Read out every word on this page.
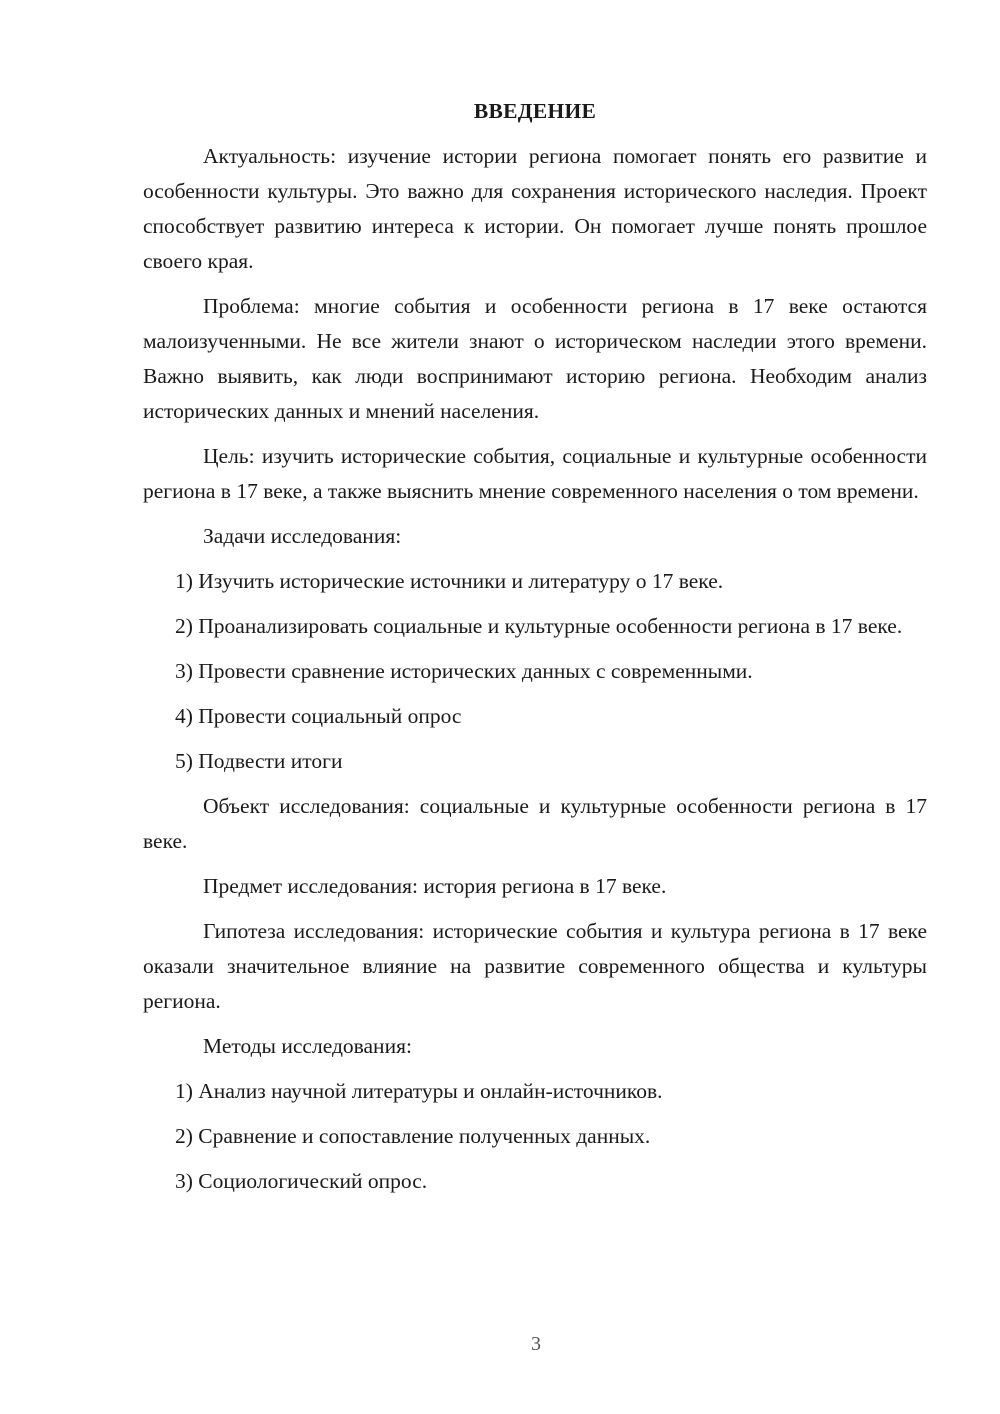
ВВЕДЕНИЕ

Актуальность: изучение истории региона помогает понять его развитие и особенности культуры. Это важно для сохранения исторического наследия. Проект способствует развитию интереса к истории. Он помогает лучше понять прошлое своего края.

Проблема: многие события и особенности региона в 17 веке остаются малоизученными. Не все жители знают о историческом наследии этого времени. Важно выявить, как люди воспринимают историю региона. Необходим анализ исторических данных и мнений населения.

Цель: изучить исторические события, социальные и культурные особенности региона в 17 веке, а также выяснить мнение современного населения о том времени.

Задачи исследования:

1) Изучить исторические источники и литературу о 17 веке.

2) Проанализировать социальные и культурные особенности региона в 17 веке.

3) Провести сравнение исторических данных с современными.

4) Провести социальный опрос

5) Подвести итоги

Объект исследования: социальные и культурные особенности региона в 17 веке.

Предмет исследования: история региона в 17 веке.

Гипотеза исследования: исторические события и культура региона в 17 веке оказали значительное влияние на развитие современного общества и культуры региона.

Методы исследования:

1) Анализ научной литературы и онлайн-источников.

2) Сравнение и сопоставление полученных данных.

3) Социологический опрос.

3
